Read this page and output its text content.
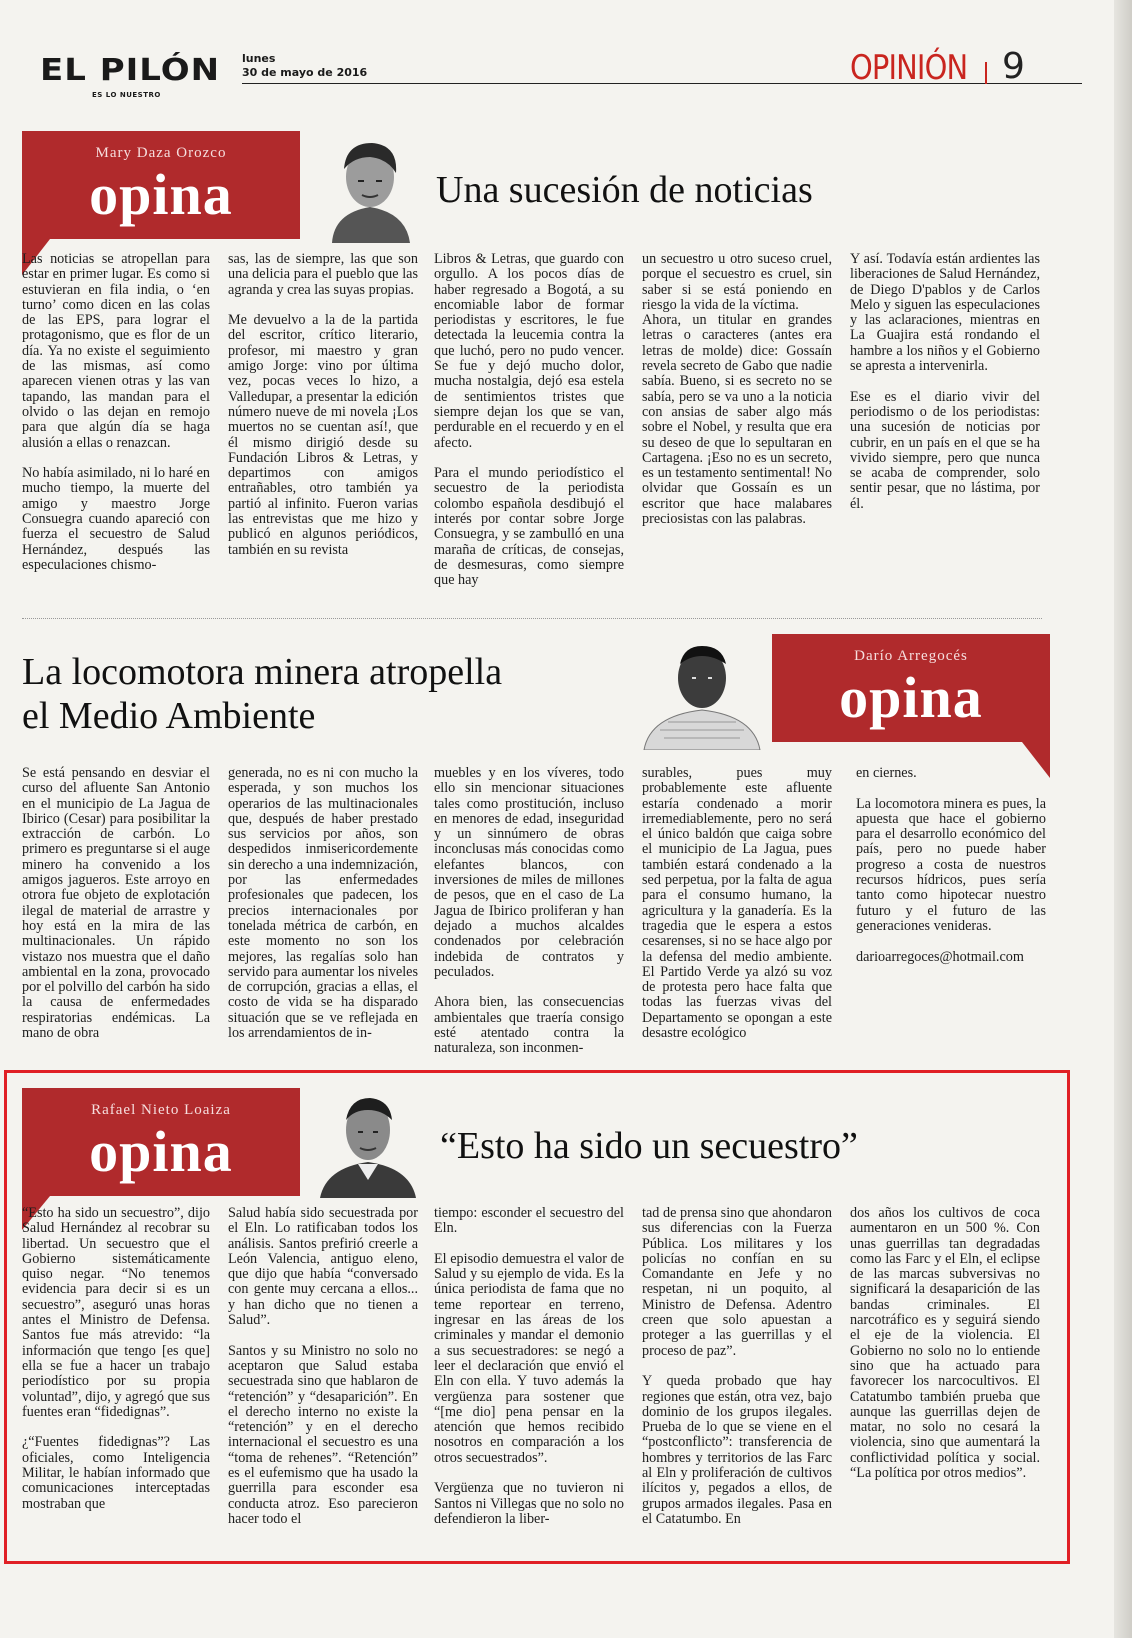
EL PILÓN
ES LO NUESTRO
lunes
30 de mayo de 2016	OPINIÓN 9
Mary Daza Orozco
opina	Una sucesión de noticias
Las noticias se atropellan para estar en primer lugar. Es como si estuvieran en fila india, o ‘en turno’ como dicen en las colas de las EPS, para lograr el protagonismo, que es flor de un día. Ya no existe el seguimiento de las mismas, así como aparecen vienen otras y las van tapando, las mandan para el olvido o las dejan en remojo para que algún día se haga alusión a ellas o renazcan.

No había asimilado, ni lo haré en mucho tiempo, la muerte del amigo y maestro Jorge Consuegra cuando apareció con fuerza el secuestro de Salud Hernández, después las especulaciones chismo-
sas, las de siempre, las que son una delicia para el pueblo que las agranda y crea las suyas propias.

Me devuelvo a la de la partida del escritor, crítico literario, profesor, mi maestro y gran amigo Jorge: vino por última vez, pocas veces lo hizo, a Valledupar, a presentar la edición número nueve de mi novela ¡Los muertos no se cuentan así!, que él mismo dirigió desde su Fundación Libros & Letras, y departimos con amigos entrañables, otro también ya partió al infinito. Fueron varias las entrevistas que me hizo y publicó en algunos periódicos, también en su revista
Libros & Letras, que guardo con orgullo. A los pocos días de haber regresado a Bogotá, a su encomiable labor de formar periodistas y escritores, le fue detectada la leucemia contra la que luchó, pero no pudo vencer. Se fue y dejó mucho dolor, mucha nostalgia, dejó esa estela de sentimientos tristes que siempre dejan los que se van, perdurable en el recuerdo y en el afecto.

Para el mundo periodístico el secuestro de la periodista colombo española desdibujó el interés por contar sobre Jorge Consuegra, y se zambulló en una maraña de críticas, de consejas, de desmesuras, como siempre que hay
un secuestro u otro suceso cruel, porque el secuestro es cruel, sin saber si se está poniendo en riesgo la vida de la víctima.
Ahora, un titular en grandes letras o caracteres (antes era letras de molde) dice: Gossaín revela secreto de Gabo que nadie sabía. Bueno, si es secreto no se sabía, pero se va uno a la noticia con ansias de saber algo más sobre el Nobel, y resulta que era su deseo de que lo sepultaran en Cartagena. ¡Eso no es un secreto, es un testamento sentimental! No olvidar que Gossaín es un escritor que hace malabares preciosistas con las palabras.
Y así. Todavía están ardientes las liberaciones de Salud Hernández, de Diego D'pablos y de Carlos Melo y siguen las especulaciones y las aclaraciones, mientras en La Guajira está rondando el hambre a los niños y el Gobierno se apresta a intervenirla.

Ese es el diario vivir del periodismo o de los periodistas: una sucesión de noticias por cubrir, en un país en el que se ha vivido siempre, pero que nunca se acaba de comprender, solo sentir pesar, que no lástima, por él.
La locomotora minera atropella
el Medio Ambiente
Darío Arregocés
opina
Se está pensando en desviar el curso del afluente San Antonio en el municipio de La Jagua de Ibirico (Cesar) para posibilitar la extracción de carbón. Lo primero es preguntarse si el auge minero ha convenido a los amigos jagueros. Este arroyo en otrora fue objeto de explotación ilegal de material de arrastre y hoy está en la mira de las multinacionales. Un rápido vistazo nos muestra que el daño ambiental en la zona, provocado por el polvillo del carbón ha sido la causa de enfermedades respiratorias endémicas. La mano de obra
generada, no es ni con mucho la esperada, y son muchos los operarios de las multinacionales que, después de haber prestado sus servicios por años, son despedidos inmisericordemente sin derecho a una indemnización, por las enfermedades profesionales que padecen, los precios internacionales por tonelada métrica de carbón, en este momento no son los mejores, las regalías solo han servido para aumentar los niveles de corrupción, gracias a ellas, el costo de vida se ha disparado situación que se ve reflejada en los arrendamientos de in-
muebles y en los víveres, todo ello sin mencionar situaciones tales como prostitución, incluso en menores de edad, inseguridad y un sinnúmero de obras inconclusas más conocidas como elefantes blancos, con inversiones de miles de millones de pesos, que en el caso de La Jagua de Ibirico proliferan y han dejado a muchos alcaldes condenados por celebración indebida de contratos y peculados.

Ahora bien, las consecuencias ambientales que traería consigo esté atentado contra la naturaleza, son inconmen-
surables, pues muy probablemente este afluente estaría condenado a morir irremediablemente, pero no será el único baldón que caiga sobre el municipio de La Jagua, pues también estará condenado a la sed perpetua, por la falta de agua para el consumo humano, la agricultura y la ganadería. Es la tragedia que le espera a estos cesarenses, si no se hace algo por la defensa del medio ambiente. El Partido Verde ya alzó su voz de protesta pero hace falta que todas las fuerzas vivas del Departamento se opongan a este desastre ecológico
en ciernes.

La locomotora minera es pues, la apuesta que hace el gobierno para el desarrollo económico del país, pero no puede haber progreso a costa de nuestros recursos hídricos, pues sería tanto como hipotecar nuestro futuro y el futuro de las generaciones venideras.

darioarregoces@hotmail.com
Rafael Nieto Loaiza
opina	“Esto ha sido un secuestro”
“Esto ha sido un secuestro”, dijo Salud Hernández al recobrar su libertad. Un secuestro que el Gobierno sistemáticamente quiso negar. “No tenemos evidencia para decir si es un secuestro”, aseguró unas horas antes el Ministro de Defensa. Santos fue más atrevido: “la información que tengo [es que] ella se fue a hacer un trabajo periodístico por su propia voluntad”, dijo, y agregó que sus fuentes eran “fidedignas”.

¿“Fuentes fidedignas”? Las oficiales, como Inteligencia Militar, le habían informado que comunicaciones interceptadas mostraban que
Salud había sido secuestrada por el Eln. Lo ratificaban todos los análisis. Santos prefirió creerle a León Valencia, antiguo eleno, que dijo que había “conversado con gente muy cercana a ellos... y han dicho que no tienen a Salud”.

Santos y su Ministro no solo no aceptaron que Salud estaba secuestrada sino que hablaron de “retención” y “desaparición”. En el derecho interno no existe la “retención” y en el derecho internacional el secuestro es una “toma de rehenes”. “Retención” es el eufemismo que ha usado la guerrilla para esconder esa conducta atroz. Eso parecieron hacer todo el
tiempo: esconder el secuestro del Eln.

El episodio demuestra el valor de Salud y su ejemplo de vida. Es la única periodista de fama que no teme reportear en terreno, ingresar en las áreas de los criminales y mandar el demonio a sus secuestradores: se negó a leer el declaración que envió el Eln con ella. Y tuvo además la vergüenza para sostener que “[me dio] pena pensar en la atención que hemos recibido nosotros en comparación a los otros secuestrados”.

Vergüenza que no tuvieron ni Santos ni Villegas que no solo no defendieron la liber-
tad de prensa sino que ahondaron sus diferencias con la Fuerza Pública. Los militares y los policías no confían en su Comandante en Jefe y no respetan, ni un poquito, al Ministro de Defensa. Adentro creen que solo apuestan a proteger a las guerrillas y el proceso de paz”.

Y queda probado que hay regiones que están, otra vez, bajo dominio de los grupos ilegales. Prueba de lo que se viene en el “postconflicto”: transferencia de hombres y territorios de las Farc al Eln y proliferación de cultivos ilícitos y, pegados a ellos, de grupos armados ilegales. Pasa en el Catatumbo. En
dos años los cultivos de coca aumentaron en un 500 %. Con unas guerrillas tan degradadas como las Farc y el Eln, el eclipse de las marcas subversivas no significará la desaparición de las bandas criminales. El narcotráfico es y seguirá siendo el eje de la violencia. El Gobierno no solo no lo entiende sino que ha actuado para favorecer los narcocultivos. El Catatumbo también prueba que aunque las guerrillas dejen de matar, no solo no cesará la violencia, sino que aumentará la conflictividad política y social. “La política por otros medios”.
